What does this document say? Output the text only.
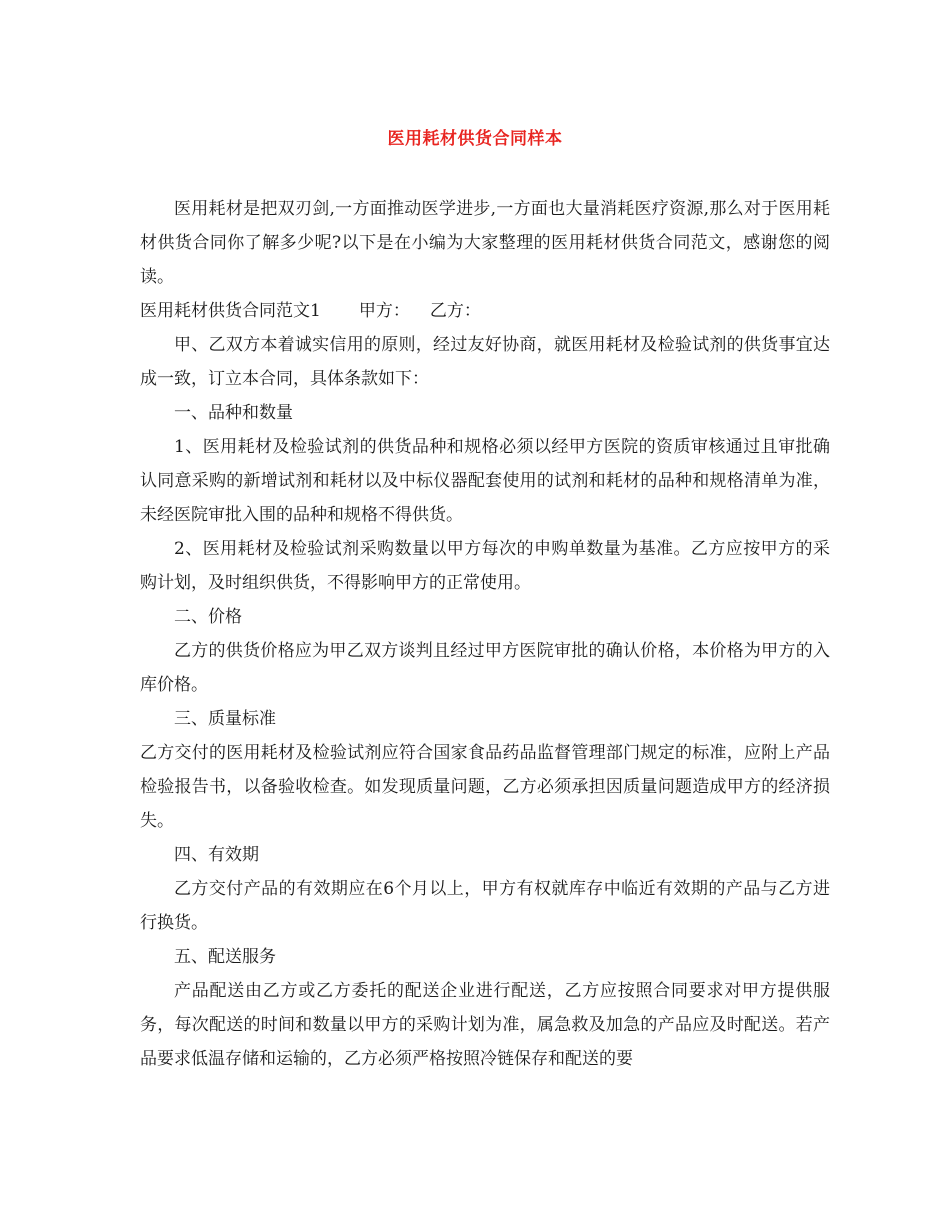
医用耗材供货合同样本

医用耗材是把双刃剑,一方面推动医学进步,一方面也大量消耗医疗资源,那么对于医用耗材供货合同你了解多少呢?以下是在小编为大家整理的医用耗材供货合同范文，感谢您的阅读。

医用耗材供货合同范文1 甲方： 乙方：

甲、乙双方本着诚实信用的原则，经过友好协商，就医用耗材及检验试剂的供货事宜达成一致，订立本合同，具体条款如下：

一、品种和数量

1、医用耗材及检验试剂的供货品种和规格必须以经甲方医院的资质审核通过且审批确认同意采购的新增试剂和耗材以及中标仪器配套使用的试剂和耗材的品种和规格清单为准，未经医院审批入围的品种和规格不得供货。

2、医用耗材及检验试剂采购数量以甲方每次的申购单数量为基准。乙方应按甲方的采购计划，及时组织供货，不得影响甲方的正常使用。

二、价格

乙方的供货价格应为甲乙双方谈判且经过甲方医院审批的确认价格，本价格为甲方的入库价格。

三、质量标准

乙方交付的医用耗材及检验试剂应符合国家食品药品监督管理部门规定的标准，应附上产品检验报告书，以备验收检查。如发现质量问题，乙方必须承担因质量问题造成甲方的经济损失。

四、有效期

乙方交付产品的有效期应在6个月以上，甲方有权就库存中临近有效期的产品与乙方进行换货。

五、配送服务

产品配送由乙方或乙方委托的配送企业进行配送，乙方应按照合同要求对甲方提供服务，每次配送的时间和数量以甲方的采购计划为准，属急救及加急的产品应及时配送。若产品要求低温存储和运输的，乙方必须严格按照冷链保存和配送的要
